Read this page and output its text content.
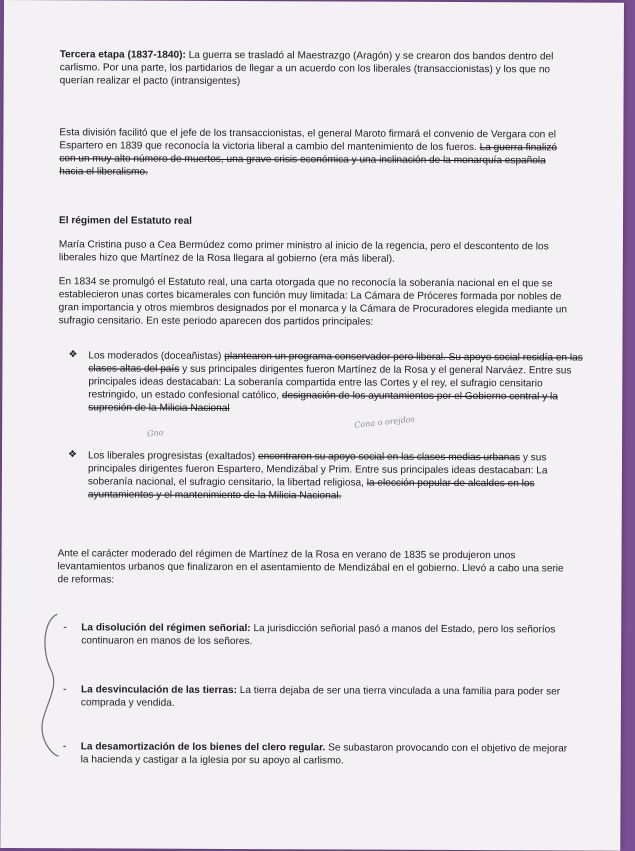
Tercera etapa (1837-1840): La guerra se trasladó al Maestrazgo (Aragón) y se crearon dos bandos dentro del carlismo. Por una parte, los partidarios de llegar a un acuerdo con los liberales (transaccionistas) y los que no querían realizar el pacto (intransigentes)

Esta división facilitó que el jefe de los transaccionistas, el general Maroto firmará el convenio de Vergara con el Espartero en 1839 que reconocía la victoria liberal a cambio del mantenimiento de los fueros. La guerra finalizó con un muy alto número de muertos, una grave crisis económica y una inclinación de la monarquía española hacia el liberalismo.

El régimen del Estatuto real

María Cristina puso a Cea Bermúdez como primer ministro al inicio de la regencia, pero el descontento de los liberales hizo que Martínez de la Rosa llegara al gobierno (era más liberal).

En 1834 se promulgó el Estatuto real, una carta otorgada que no reconocía la soberanía nacional en el que se establecieron unas cortes bicamerales con función muy limitada: La Cámara de Próceres formada por nobles de gran importancia y otros miembros designados por el monarca y la Cámara de Procuradores elegida mediante un sufragio censitario. En este periodo aparecen dos partidos principales:

❖ Los moderados (doceañistas) plantearon un programa conservador pero liberal. Su apoyo social residía en las clases altas del país y sus principales dirigentes fueron Martínez de la Rosa y el general Narváez. Entre sus principales ideas destacaban: La soberanía compartida entre las Cortes y el rey, el sufragio censitario restringido, un estado confesional católico, designación de los ayuntamientos por el Gobierno central y la supresión de la Milicia Nacional

Gno
Cona o orejdos
❖ Los liberales progresistas (exaltados) encontraron su apoyo social en las clases medias urbanas y sus principales dirigentes fueron Espartero, Mendizábal y Prim. Entre sus principales ideas destacaban: La soberanía nacional, el sufragio censitario, la libertad religiosa, la elección popular de alcaldes en los ayuntamientos y el mantenimiento de la Milicia Nacional.

Ante el carácter moderado del régimen de Martínez de la Rosa en verano de 1835 se produjeron unos levantamientos urbanos que finalizaron en el asentamiento de Mendizábal en el gobierno. Llevó a cabo una serie de reformas:

- La disolución del régimen señorial: La jurisdicción señorial pasó a manos del Estado, pero los señoríos continuaron en manos de los señores.

- La desvinculación de las tierras: La tierra dejaba de ser una tierra vinculada a una familia para poder ser comprada y vendida.

- La desamortización de los bienes del clero regular. Se subastaron provocando con el objetivo de mejorar la hacienda y castigar a la iglesia por su apoyo al carlismo.
